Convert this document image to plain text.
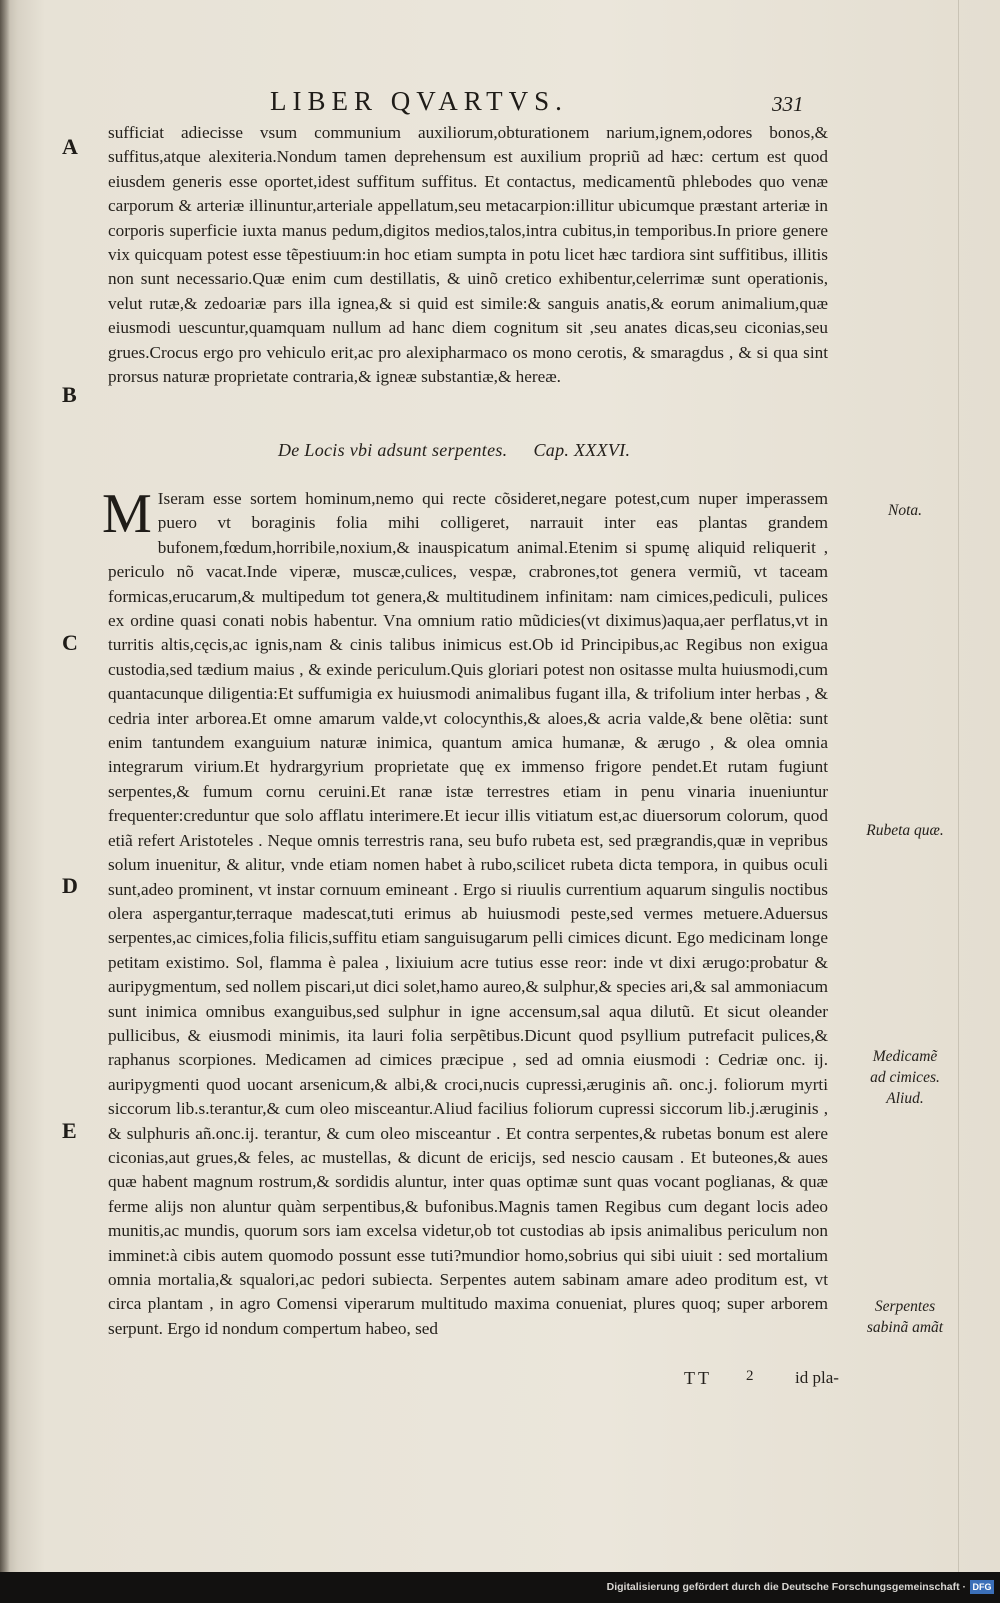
LIBER QVARTVS.	331
A
B
C
D
E
sufficiat adiecisse vsum communium auxiliorum,obturationem narium,ignem,odores bonos,& suffitus,atque alexiteria.Nondum tamen deprehensum est auxilium propriũ ad hæc: certum est quod eiusdem generis esse oportet,idest suffitum suffitus. Et contactus, medicamentũ phlebodes quo venæ carporum & arteriæ illinuntur,arteriale appellatum,seu metacarpion:illitur ubicumque præstant arteriæ in corporis superficie iuxta manus pedum,digitos medios,talos,intra cubitus,in temporibus.In priore genere vix quicquam potest esse tẽpestiuum:in hoc etiam sumpta in potu licet hæc tardiora sint suffitibus, illitis non sunt necessario.Quæ enim cum destillatis, & uinõ cretico exhibentur,celerrimæ sunt operationis, velut rutæ,& zedoariæ pars illa ignea,& si quid est simile:& sanguis anatis,& eorum animalium,quæ eiusmodi uescuntur,quamquam nullum ad hanc diem cognitum sit ,seu anates dicas,seu ciconias,seu grues.Crocus ergo pro vehiculo erit,ac pro alexipharmaco os mono cerotis, & smaragdus , & si qua sint prorsus naturæ proprietate contraria,& igneæ substantiæ,& hereæ.
De Locis vbi adsunt serpentes. Cap. XXXVI.
M Iseram esse sortem hominum,nemo qui recte cõsideret,negare potest,cum nuper imperassem puero vt boraginis folia mihi colligeret, narrauit inter eas plantas grandem bufonem,fœdum,horribile,noxium,& inauspicatum animal.Etenim si spumę aliquid reliquerit , periculo nõ vacat.Inde viperæ, muscæ,culices, vespæ, crabrones,tot genera vermiũ, vt taceam formicas,erucarum,& multipedum tot genera,& multitudinem infinitam: nam cimices,pediculi, pulices ex ordine quasi conati nobis habentur. Vna omnium ratio mũdicies(vt diximus)aqua,aer perflatus,vt in turritis altis,cęcis,ac ignis,nam & cinis talibus inimicus est.Ob id Principibus,ac Regibus non exigua custodia,sed tædium maius , & exinde periculum.Quis gloriari potest non ositasse multa huiusmodi,cum quantacunque diligentia:Et suffumigia ex huiusmodi animalibus fugant illa, & trifolium inter herbas , & cedria inter arborea.Et omne amarum valde,vt colocynthis,& aloes,& acria valde,& bene olẽtia: sunt enim tantundem exanguium naturæ inimica, quantum amica humanæ, & ærugo , & olea omnia integrarum virium.Et hydrargyrium proprietate quę ex immenso frigore pendet.Et rutam fugiunt serpentes,& fumum cornu ceruini.Et ranæ istæ terrestres etiam in penu vinaria inueniuntur frequenter:creduntur que solo afflatu interimere.Et iecur illis vitiatum est,ac diuersorum colorum, quod etiã refert Aristoteles . Neque omnis terrestris rana, seu bufo rubeta est, sed prægrandis,quæ in vepribus solum inuenitur, & alitur, vnde etiam nomen habet à rubo,scilicet rubeta dicta tempora, in quibus oculi sunt,adeo prominent, vt instar cornuum emineant . Ergo si riuulis currentium aquarum singulis noctibus olera aspergantur,terraque madescat,tuti erimus ab huiusmodi peste,sed vermes metuere.Aduersus serpentes,ac cimices,folia filicis,suffitu etiam sanguisugarum pelli cimices dicunt. Ego medicinam longe petitam existimo. Sol, flamma è palea , lixiuium acre tutius esse reor: inde vt dixi ærugo:probatur & auripygmentum, sed nollem piscari,ut dici solet,hamo aureo,& sulphur,& species ari,& sal ammoniacum sunt inimica omnibus exanguibus,sed sulphur in igne accensum,sal aqua dilutũ. Et sicut oleander pullicibus, & eiusmodi minimis, ita lauri folia serpẽtibus.Dicunt quod psyllium putrefacit pulices,& raphanus scorpiones. Medicamen ad cimices præcipue , sed ad omnia eiusmodi : Cedriæ onc. ij. auripygmenti quod uocant arsenicum,& albi,& croci,nucis cupressi,æruginis añ. onc.j. foliorum myrti siccorum lib.s.terantur,& cum oleo misceantur.Aliud facilius foliorum cupressi siccorum lib.j.æruginis , & sulphuris añ.onc.ij. terantur, & cum oleo misceantur . Et contra serpentes,& rubetas bonum est alere ciconias,aut grues,& feles, ac mustellas, & dicunt de ericijs, sed nescio causam . Et buteones,& aues quæ habent magnum rostrum,& sordidis aluntur, inter quas optimæ sunt quas vocant poglianas, & quæ ferme alijs non aluntur quàm serpentibus,& bufonibus.Magnis tamen Regibus cum degant locis adeo munitis,ac mundis, quorum sors iam excelsa videtur,ob tot custodias ab ipsis animalibus periculum non imminet:à cibis autem quomodo possunt esse tuti?mundior homo,sobrius qui sibi uiuit : sed mortalium omnia mortalia,& squalori,ac pedori subiecta. Serpentes autem sabinam amare adeo proditum est, vt circa plantam , in agro Comensi viperarum multitudo maxima conueniat, plures quoq; super arborem serpunt. Ergo id nondum compertum habeo, sed
Nota.
Rubeta quæ.
Medicamẽ
ad cimices.
Aliud.
Serpentes
sabinã amãt
TT 2 id pla-
Digitalisierung gefördert durch die Deutsche Forschungsgemeinschaft · DFG
